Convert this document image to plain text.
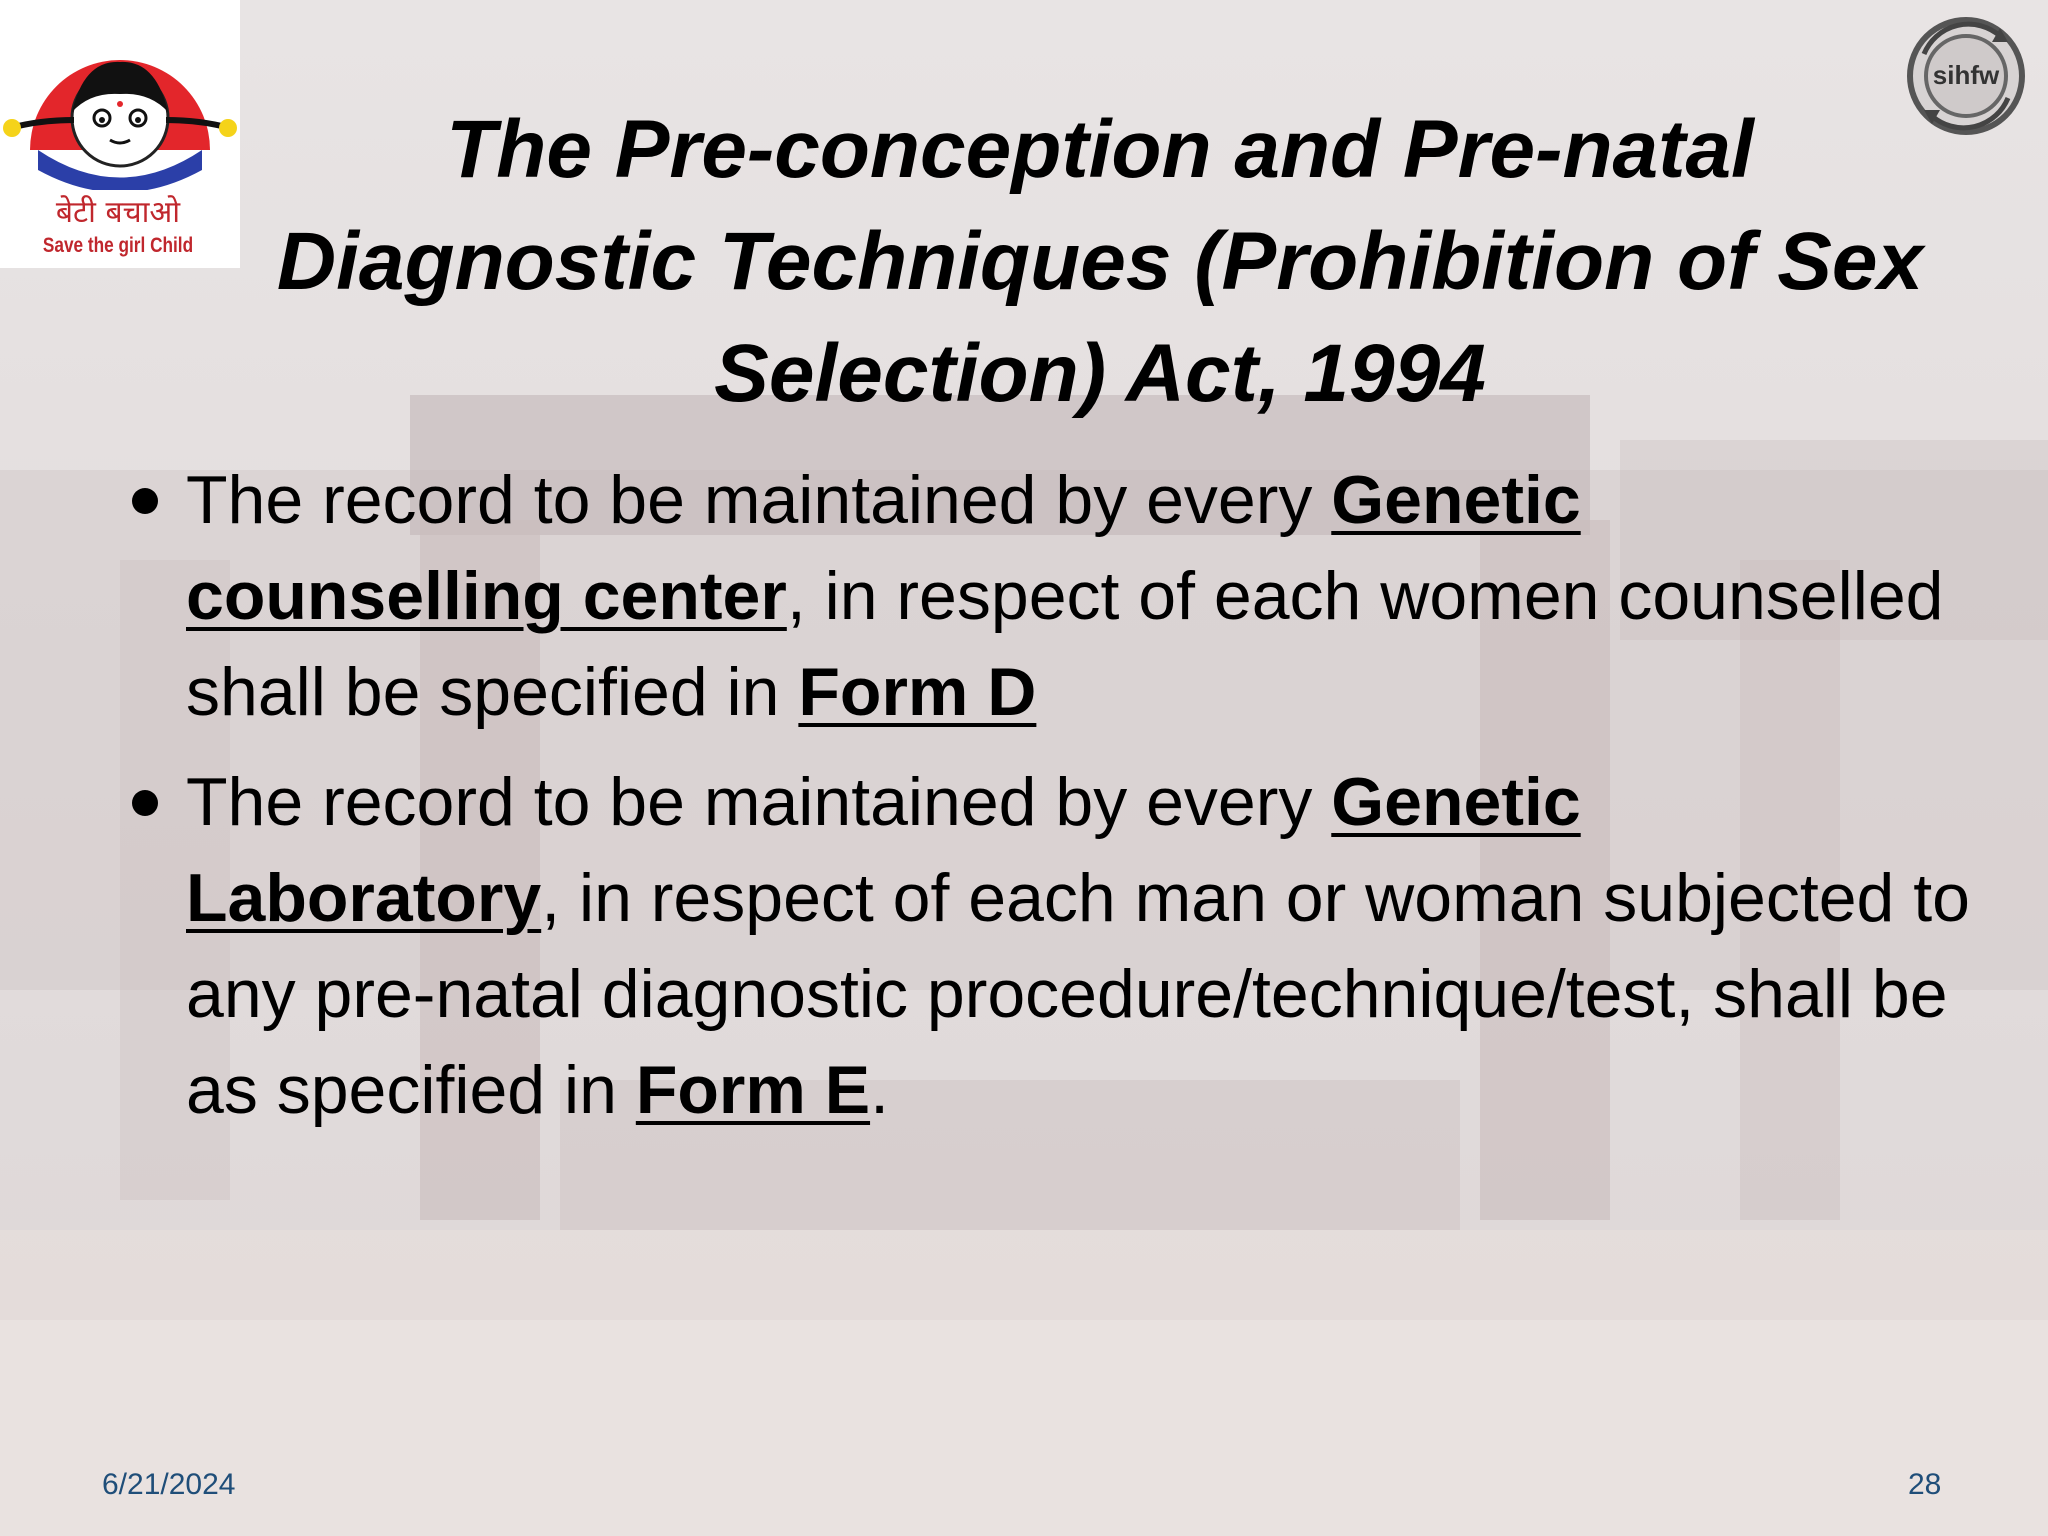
बेटी बचाओ
Save the girl Child
sihfw
The Pre-conception and Pre-natal Diagnostic Techniques (Prohibition of Sex Selection) Act, 1994
The record to be maintained by every Genetic counselling center, in respect of each women counselled shall be specified in Form D
The record to be maintained by every Genetic Laboratory, in respect of each man or woman subjected to any pre-natal diagnostic procedure/technique/test, shall be as specified in Form E.
6/21/2024	28
